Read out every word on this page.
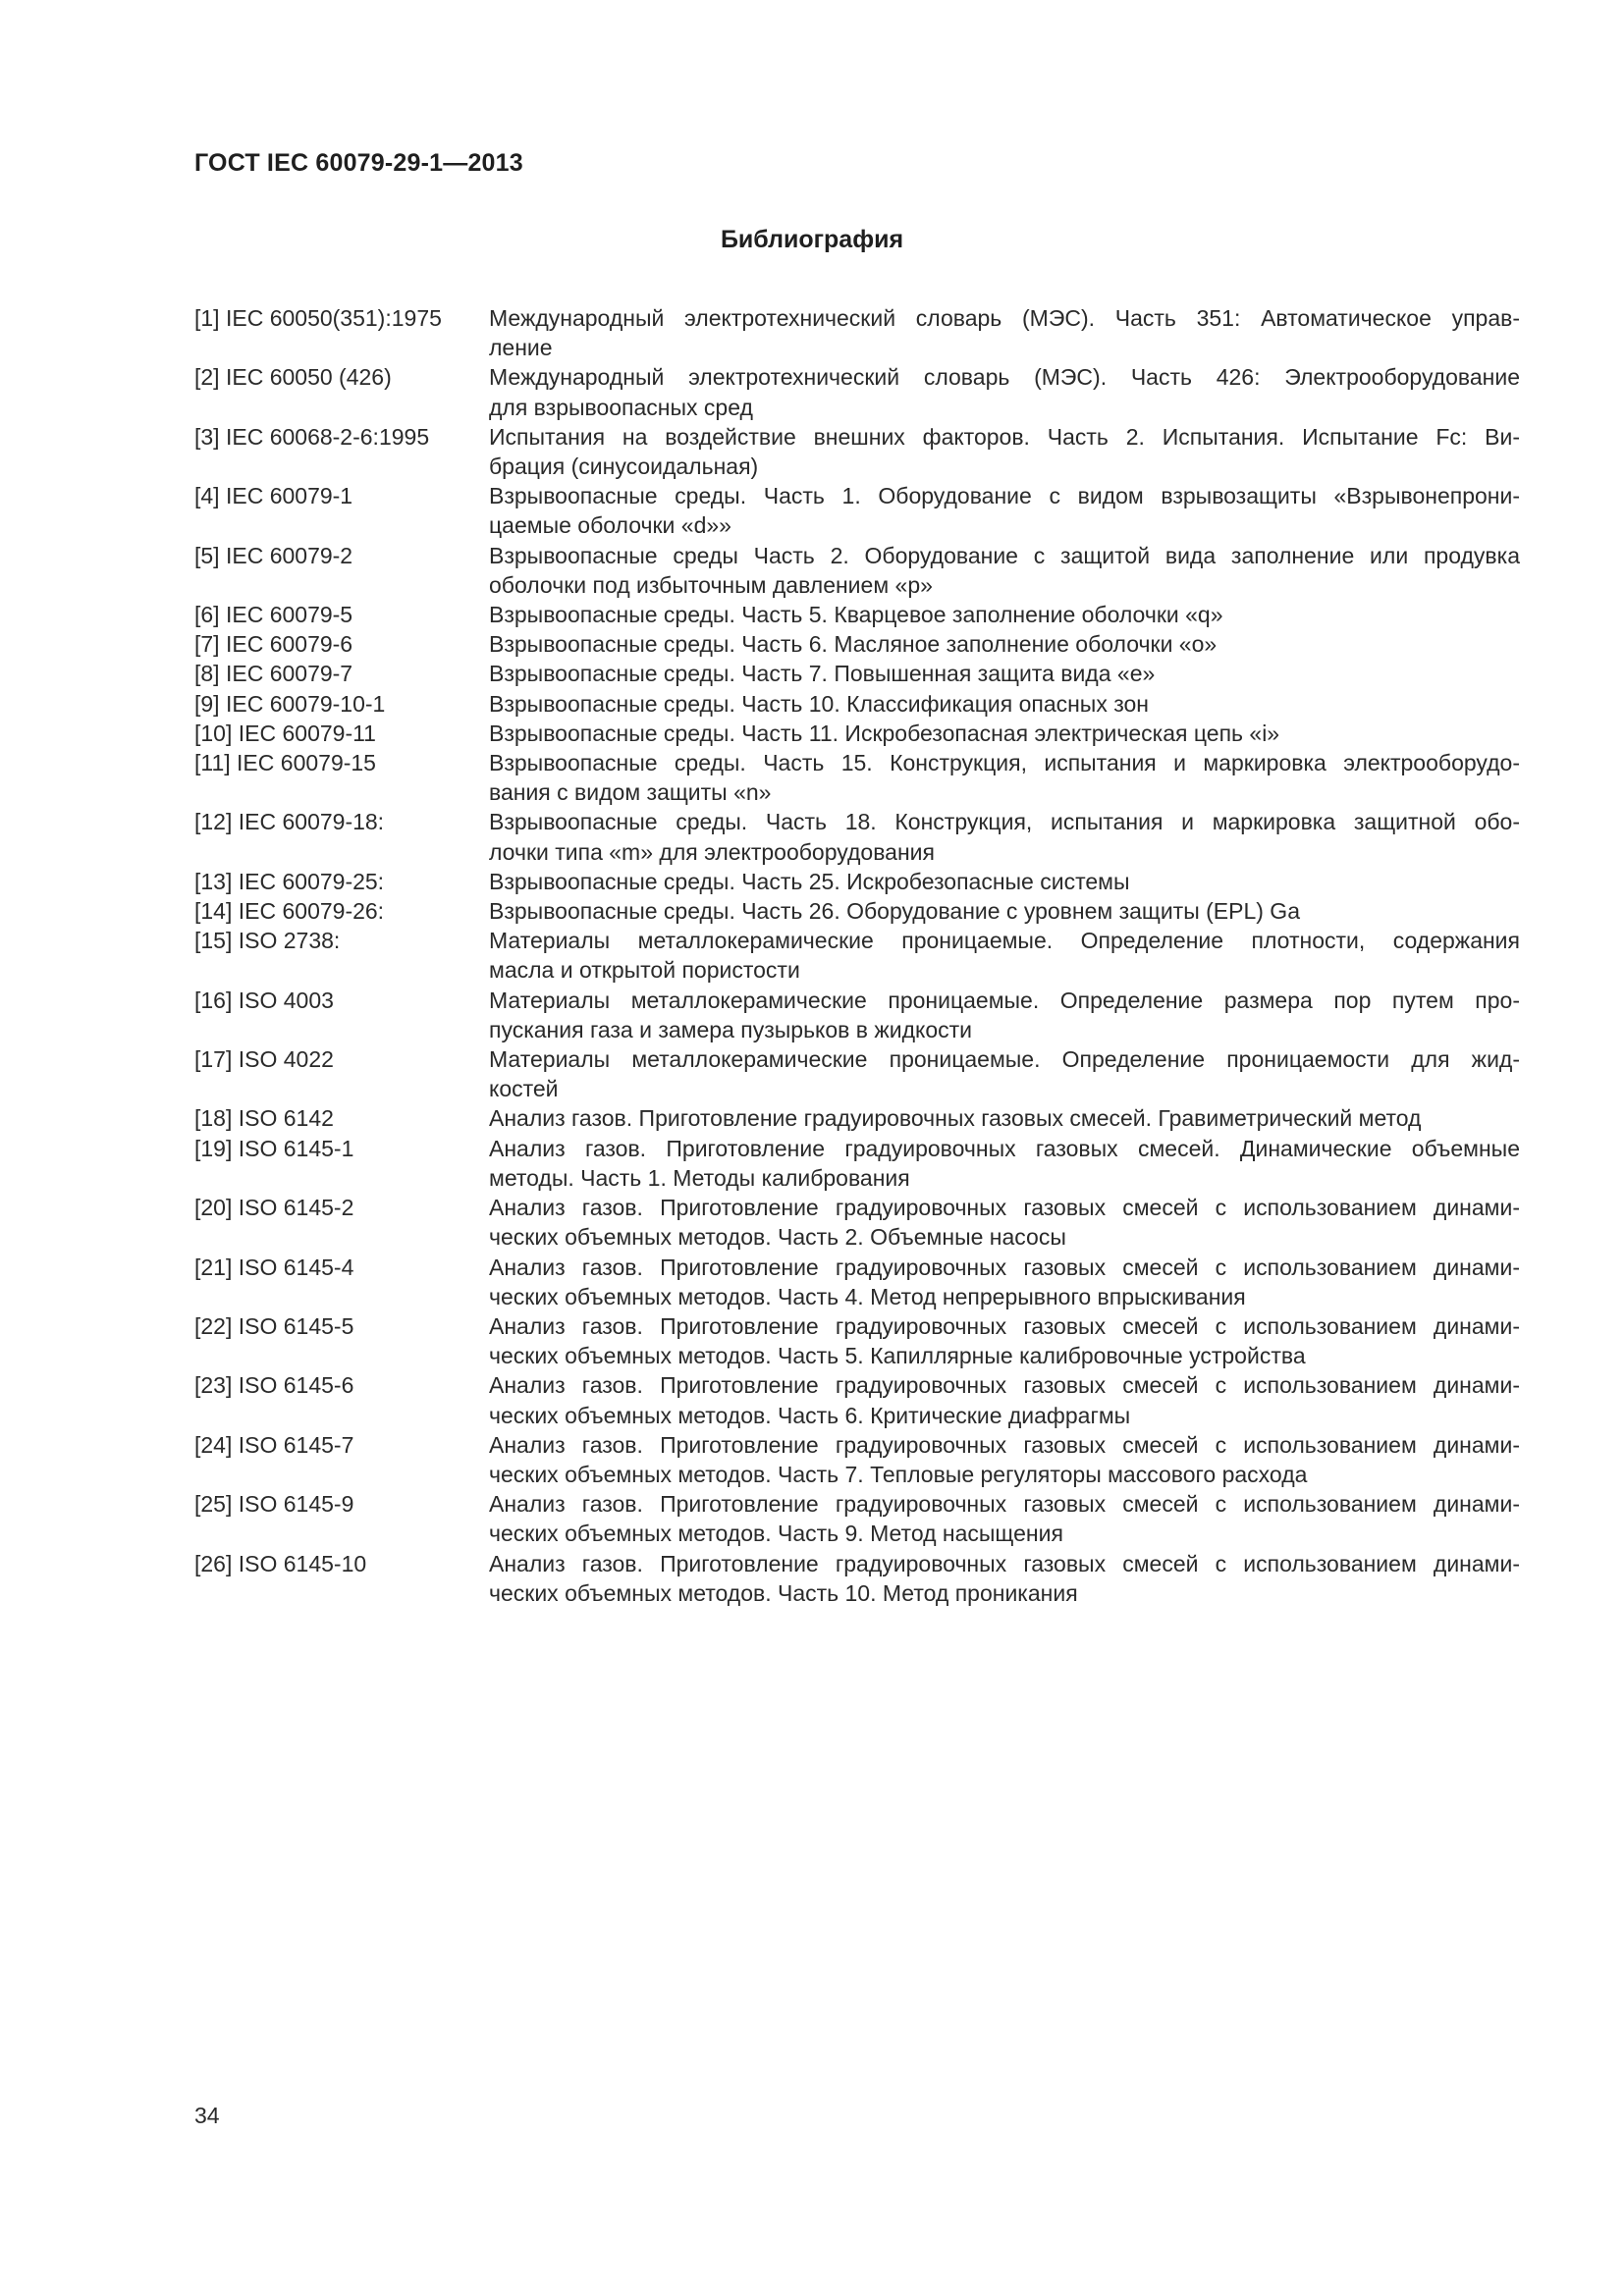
ГОСТ IEC 60079-29-1—2013
Библиография
[1] IEC 60050(351):1975	Международный электротехнический словарь (МЭС). Часть 351: Автоматическое управ-
ление
[2] IEC 60050 (426)	Международный электротехнический словарь (МЭС). Часть 426: Электрооборудование
для взрывоопасных сред
[3] IEC 60068-2-6:1995	Испытания на воздействие внешних факторов. Часть 2. Испытания. Испытание Fc: Ви-
брация (синусоидальная)
[4] IEC 60079-1	Взрывоопасные среды. Часть 1. Оборудование с видом взрывозащиты «Взрывонепрони-
цаемые оболочки «d»»
[5] IEC 60079-2	Взрывоопасные среды Часть 2. Оборудование с защитой вида заполнение или продувка
оболочки под избыточным давлением «р»
[6] IEC 60079-5	Взрывоопасные среды. Часть 5. Кварцевое заполнение оболочки «q»
[7] IEC 60079-6	Взрывоопасные среды. Часть 6. Масляное заполнение оболочки «о»
[8] IEC 60079-7	Взрывоопасные среды. Часть 7. Повышенная защита вида «е»
[9] IEC 60079-10-1	Взрывоопасные среды. Часть 10. Классификация опасных зон
[10] IEC 60079-11	Взрывоопасные среды. Часть 11. Искробезопасная электрическая цепь «i»
[11] IEC 60079-15	Взрывоопасные среды. Часть 15. Конструкция, испытания и маркировка электрооборудо-
вания с видом защиты «n»
[12] IEC 60079-18:	Взрывоопасные среды. Часть 18. Конструкция, испытания и маркировка защитной обо-
лочки типа «m» для электрооборудования
[13] IEC 60079-25:	Взрывоопасные среды. Часть 25. Искробезопасные системы
[14] IEC 60079-26:	Взрывоопасные среды. Часть 26. Оборудование с уровнем защиты (EPL) Ga
[15] ISO 2738:	Материалы металлокерамические проницаемые. Определение плотности, содержания
масла и открытой пористости
[16] ISO 4003	Материалы металлокерамические проницаемые. Определение размера пор путем про-
пускания газа и замера пузырьков в жидкости
[17] ISO 4022	Материалы металлокерамические проницаемые. Определение проницаемости для жид-
костей
[18] ISO 6142	Анализ газов. Приготовление градуировочных газовых смесей. Гравиметрический метод
[19] ISO 6145-1	Анализ газов. Приготовление градуировочных газовых смесей. Динамические объемные
методы. Часть 1. Методы калибрования
[20] ISO 6145-2	Анализ газов. Приготовление градуировочных газовых смесей с использованием динами-
ческих объемных методов. Часть 2. Объемные насосы
[21] ISO 6145-4	Анализ газов. Приготовление градуировочных газовых смесей с использованием динами-
ческих объемных методов. Часть 4. Метод непрерывного впрыскивания
[22] ISO 6145-5	Анализ газов. Приготовление градуировочных газовых смесей с использованием динами-
ческих объемных методов. Часть 5. Капиллярные калибровочные устройства
[23] ISO 6145-6	Анализ газов. Приготовление градуировочных газовых смесей с использованием динами-
ческих объемных методов. Часть 6. Критические диафрагмы
[24] ISO 6145-7	Анализ газов. Приготовление градуировочных газовых смесей с использованием динами-
ческих объемных методов. Часть 7. Тепловые регуляторы массового расхода
[25] ISO 6145-9	Анализ газов. Приготовление градуировочных газовых смесей с использованием динами-
ческих объемных методов. Часть 9. Метод насыщения
[26] ISO 6145-10	Анализ газов. Приготовление градуировочных газовых смесей с использованием динами-
ческих объемных методов. Часть 10. Метод проникания
34
